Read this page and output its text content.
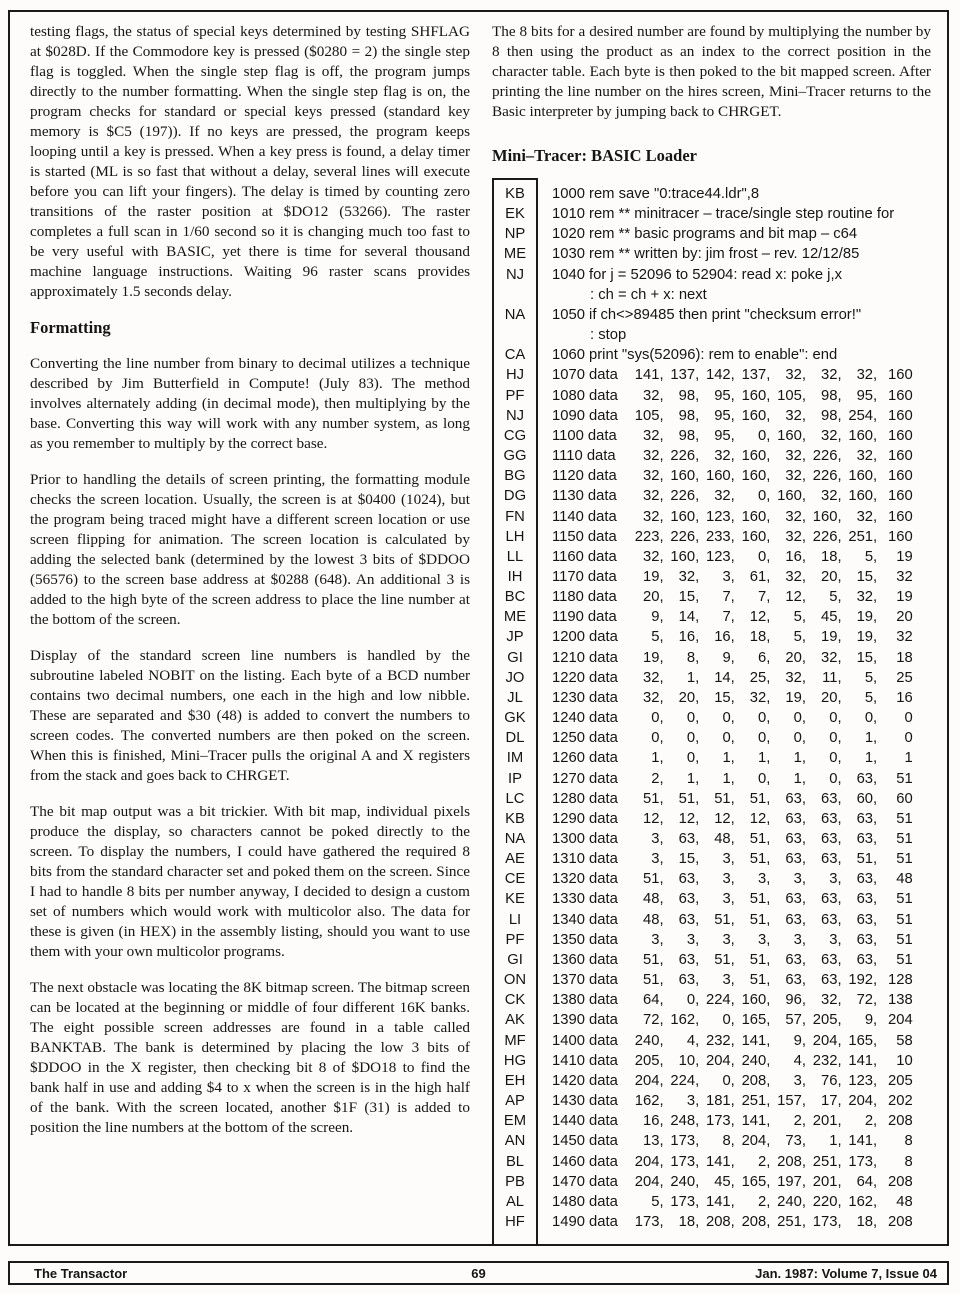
testing flags, the status of special keys determined by testing SHFLAG at $028D. If the Commodore key is pressed ($0280 = 2) the single step flag is toggled. When the single step flag is off, the program jumps directly to the number formatting. When the single step flag is on, the program checks for standard or special keys pressed (standard key memory is $C5 (197)). If no keys are pressed, the program keeps looping until a key is pressed. When a key press is found, a delay timer is started (ML is so fast that without a delay, several lines will execute before you can lift your fingers). The delay is timed by counting zero transitions of the raster position at $DO12 (53266). The raster completes a full scan in 1/60 second so it is changing much too fast to be very useful with BASIC, yet there is time for several thousand machine language instructions. Waiting 96 raster scans provides approximately 1.5 seconds delay.

Formatting

Converting the line number from binary to decimal utilizes a technique described by Jim Butterfield in Compute! (July 83). The method involves alternately adding (in decimal mode), then multiplying by the base. Converting this way will work with any number system, as long as you remember to multiply by the correct base.

Prior to handling the details of screen printing, the formatting module checks the screen location. Usually, the screen is at $0400 (1024), but the program being traced might have a different screen location or use screen flipping for animation. The screen location is calculated by adding the selected bank (determined by the lowest 3 bits of $DDOO (56576) to the screen base address at $0288 (648). An additional 3 is added to the high byte of the screen address to place the line number at the bottom of the screen.

Display of the standard screen line numbers is handled by the subroutine labeled NOBIT on the listing. Each byte of a BCD number contains two decimal numbers, one each in the high and low nibble. These are separated and $30 (48) is added to convert the numbers to screen codes. The converted numbers are then poked on the screen. When this is finished, Mini–Tracer pulls the original A and X registers from the stack and goes back to CHRGET.

The bit map output was a bit trickier. With bit map, individual pixels produce the display, so characters cannot be poked directly to the screen. To display the numbers, I could have gathered the required 8 bits from the standard character set and poked them on the screen. Since I had to handle 8 bits per number anyway, I decided to design a custom set of numbers which would work with multicolor also. The data for these is given (in HEX) in the assembly listing, should you want to use them with your own multicolor programs.

The next obstacle was locating the 8K bitmap screen. The bitmap screen can be located at the beginning or middle of four different 16K banks. The eight possible screen addresses are found in a table called BANKTAB. The bank is determined by placing the low 3 bits of $DDOO in the X register, then checking bit 8 of $DO18 to find the bank half in use and adding $4 to x when the screen is in the high half of the bank. With the screen located, another $1F (31) is added to position the line numbers at the bottom of the screen.

The 8 bits for a desired number are found by multiplying the number by 8 then using the product as an index to the correct position in the character table. Each byte is then poked to the bit mapped screen. After printing the line number on the hires screen, Mini–Tracer returns to the Basic interpreter by jumping back to CHRGET.

Mini–Tracer: BASIC Loader
KB	1000 rem save "0:trace44.ldr",8
EK	1010 rem ** minitracer – trace/single step routine for
NP	1020 rem ** basic programs and bit map – c64
ME	1030 rem ** written by: jim frost – rev. 12/12/85
NJ	1040 for j = 52096 to 52904: read x: poke j,x
: ch = ch + x: next
NA	1050 if ch<>89485 then print "checksum error!"
: stop
CA	1060 print "sys(52096): rem to enable": end
HJ	1070 data 141, 137, 142, 137, 32, 32, 32, 160
PF	1080 data 32, 98, 95, 160, 105, 98, 95, 160
NJ	1090 data 105, 98, 95, 160, 32, 98, 254, 160
CG	1100 data 32, 98, 95, 0, 160, 32, 160, 160
GG	1110 data 32, 226, 32, 160, 32, 226, 32, 160
BG	1120 data 32, 160, 160, 160, 32, 226, 160, 160
DG	1130 data 32, 226, 32, 0, 160, 32, 160, 160
FN	1140 data 32, 160, 123, 160, 32, 160, 32, 160
LH	1150 data 223, 226, 233, 160, 32, 226, 251, 160
LL	1160 data 32, 160, 123, 0, 16, 18, 5, 19
IH	1170 data 19, 32, 3, 61, 32, 20, 15, 32
BC	1180 data 20, 15, 7, 7, 12, 5, 32, 19
ME	1190 data 9, 14, 7, 12, 5, 45, 19, 20
JP	1200 data 5, 16, 16, 18, 5, 19, 19, 32
GI	1210 data 19, 8, 9, 6, 20, 32, 15, 18
JO	1220 data 32, 1, 14, 25, 32, 11, 5, 25
JL	1230 data 32, 20, 15, 32, 19, 20, 5, 16
GK	1240 data 0, 0, 0, 0, 0, 0, 0, 0
DL	1250 data 0, 0, 0, 0, 0, 0, 1, 0
IM	1260 data 1, 0, 1, 1, 1, 0, 1, 1
IP	1270 data 2, 1, 1, 0, 1, 0, 63, 51
LC	1280 data 51, 51, 51, 51, 63, 63, 60, 60
KB	1290 data 12, 12, 12, 12, 63, 63, 63, 51
NA	1300 data 3, 63, 48, 51, 63, 63, 63, 51
AE	1310 data 3, 15, 3, 51, 63, 63, 51, 51
CE	1320 data 51, 63, 3, 3, 3, 3, 63, 48
KE	1330 data 48, 63, 3, 51, 63, 63, 63, 51
LI	1340 data 48, 63, 51, 51, 63, 63, 63, 51
PF	1350 data 3, 3, 3, 3, 3, 3, 63, 51
GI	1360 data 51, 63, 51, 51, 63, 63, 63, 51
ON	1370 data 51, 63, 3, 51, 63, 63, 192, 128
CK	1380 data 64, 0, 224, 160, 96, 32, 72, 138
AK	1390 data 72, 162, 0, 165, 57, 205, 9, 204
MF	1400 data 240, 4, 232, 141, 9, 204, 165, 58
HG	1410 data 205, 10, 204, 240, 4, 232, 141, 10
EH	1420 data 204, 224, 0, 208, 3, 76, 123, 205
AP	1430 data 162, 3, 181, 251, 157, 17, 204, 202
EM	1440 data 16, 248, 173, 141, 2, 201, 2, 208
AN	1450 data 13, 173, 8, 204, 73, 1, 141, 8
BL	1460 data 204, 173, 141, 2, 208, 251, 173, 8
PB	1470 data 204, 240, 45, 165, 197, 201, 64, 208
AL	1480 data 5, 173, 141, 2, 240, 220, 162, 48
HF	1490 data 173, 18, 208, 208, 251, 173, 18, 208
69
The Transactor	Jan. 1987: Volume 7, Issue 04
